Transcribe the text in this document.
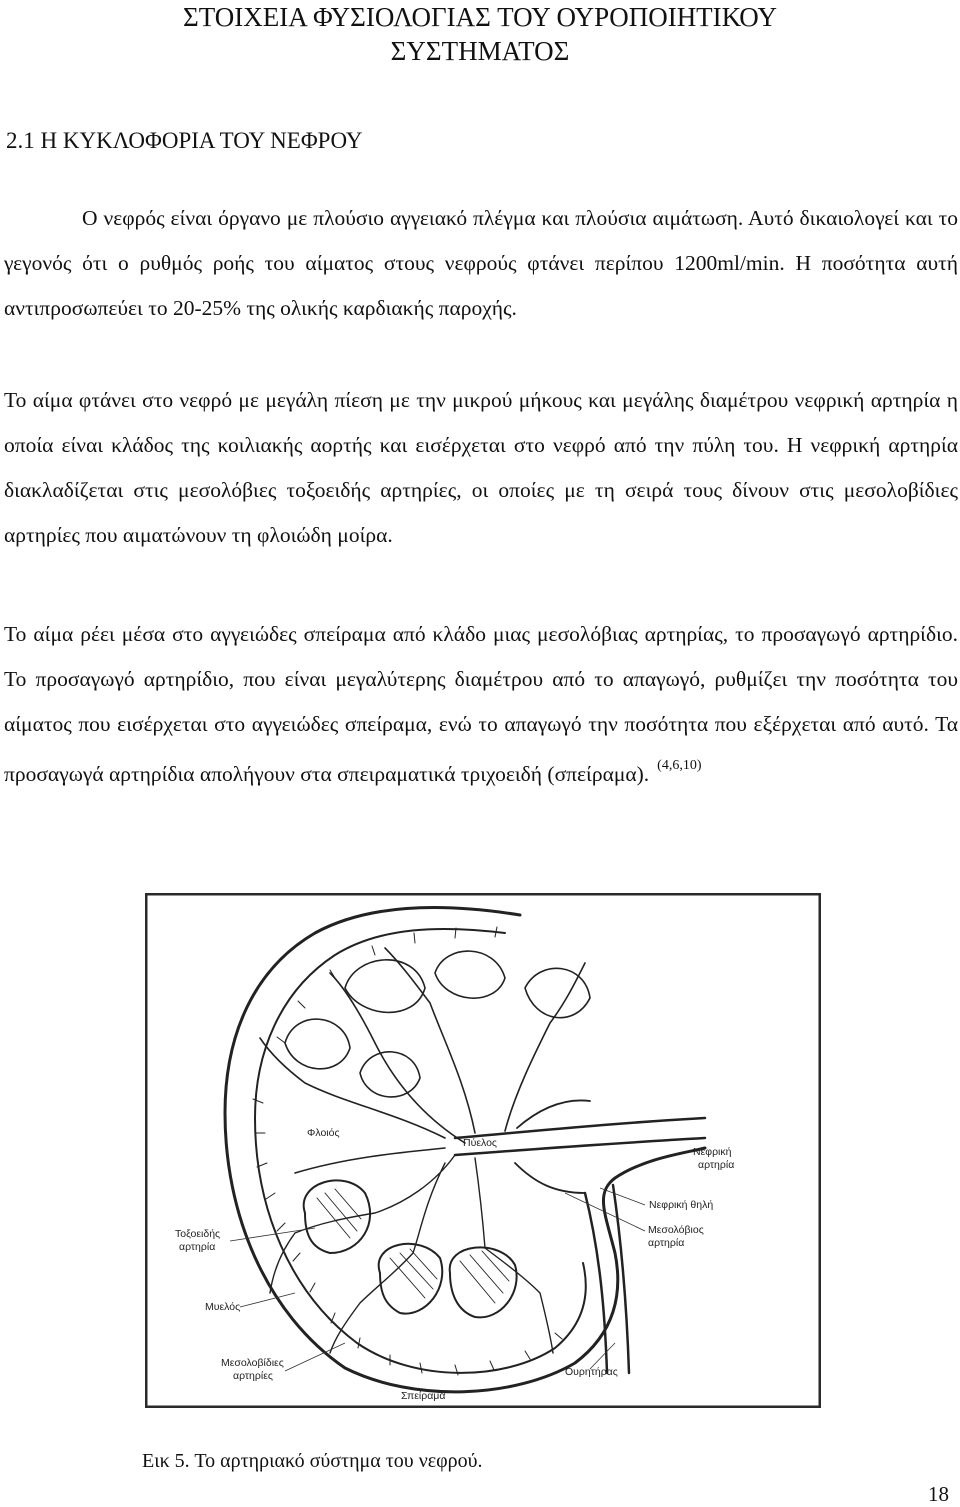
ΣΤΟΙΧΕΙΑ ΦΥΣΙΟΛΟΓΙΑΣ ΤΟΥ ΟΥΡΟΠΟΙΗΤΙΚΟΥ
ΣΥΣΤΗΜΑΤΟΣ
2.1 Η ΚΥΚΛΟΦΟΡΙΑ ΤΟΥ ΝΕΦΡΟΥ

Ο νεφρός είναι όργανο με πλούσιο αγγειακό πλέγμα και πλούσια αιμάτωση. Αυτό δικαιολογεί και το γεγονός ότι ο ρυθμός ροής του αίματος στους νεφρούς φτάνει περίπου 1200ml/min. Η ποσότητα αυτή αντιπροσωπεύει το 20-25% της ολικής καρδιακής παροχής.

Το αίμα φτάνει στο νεφρό με μεγάλη πίεση με την μικρού μήκους και μεγάλης διαμέτρου νεφρική αρτηρία η οποία είναι κλάδος της κοιλιακής αορτής και εισέρχεται στο νεφρό από την πύλη του. Η νεφρική αρτηρία διακλαδίζεται στις μεσολόβιες τοξοειδής αρτηρίες, οι οποίες με τη σειρά τους δίνουν στις μεσολοβίδιες αρτηρίες που αιματώνουν τη φλοιώδη μοίρα.

Το αίμα ρέει μέσα στο αγγειώδες σπείραμα από κλάδο μιας μεσολόβιας αρτηρίας, το προσαγωγό αρτηρίδιο. Το προσαγωγό αρτηρίδιο, που είναι μεγαλύτερης διαμέτρου από το απαγωγό, ρυθμίζει την ποσότητα του αίματος που εισέρχεται στο αγγειώδες σπείραμα, ενώ το απαγωγό την ποσότητα που εξέρχεται από αυτό. Τα προσαγωγά αρτηρίδια απολήγουν στα σπειραματικά τριχοειδή (σπείραμα). $^{(4,6,10)}$

Φλοιός
Πύελος
Νεφρική
αρτηρία
Νεφρική θηλή
Μεσολόβιος
αρτηρία
Τοξοειδής
αρτηρία
Μυελός
Μεσολοβίδιες
αρτηρίες	Ουρητήρας
Σπείραμα

Εικ 5. Το αρτηριακό σύστημα του νεφρού.

18
